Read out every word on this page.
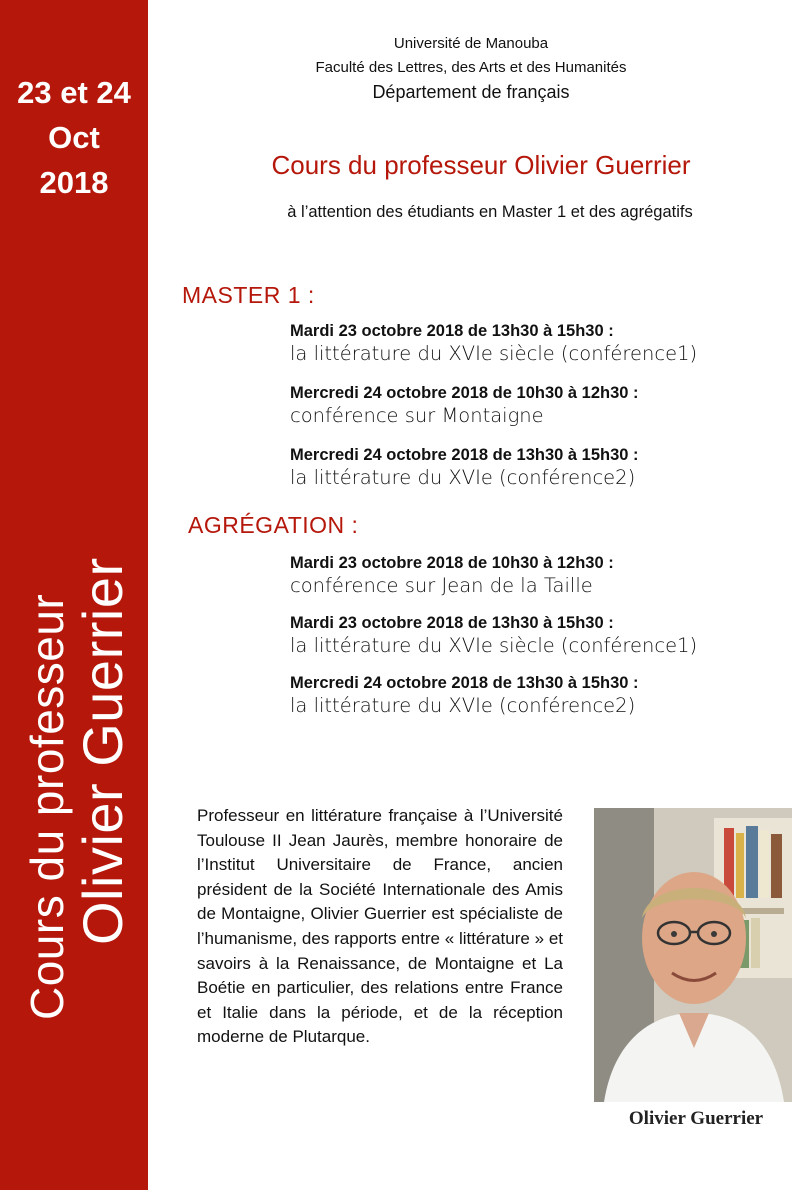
23 et 24
Oct
2018
Cours du professeur
Olivier Guerrier
Université de Manouba
Faculté des Lettres, des Arts et des Humanités
Département de français
Cours du professeur Olivier Guerrier
à l’attention des étudiants en Master 1 et des agrégatifs
MASTER 1 :
Mardi 23 octobre 2018 de 13h30 à 15h30 :
la littérature du XVIe siècle (conférence1)
Mercredi 24 octobre 2018 de 10h30 à 12h30 :
conférence sur Montaigne
Mercredi 24 octobre 2018 de 13h30 à 15h30 :
la littérature du XVIe (conférence2)
AGRÉGATION :
Mardi 23 octobre 2018 de 10h30 à 12h30 :
conférence sur Jean de la Taille
Mardi 23 octobre 2018 de 13h30 à 15h30 :
la littérature du XVIe siècle (conférence1)
Mercredi 24 octobre 2018 de 13h30 à 15h30 :
la littérature du XVIe (conférence2)
Professeur en littérature française à l’Université Toulouse II Jean Jaurès, membre honoraire de l’Institut Universitaire de France, ancien président de la Société Internationale des Amis de Montaigne, Olivier Guerrier est spécialiste de l’humanisme, des rapports entre « littérature » et savoirs à la Renaissance, de Montaigne et La Boétie en particulier, des relations entre France et Italie dans la période, et de la réception moderne de Plutarque.
Olivier Guerrier
